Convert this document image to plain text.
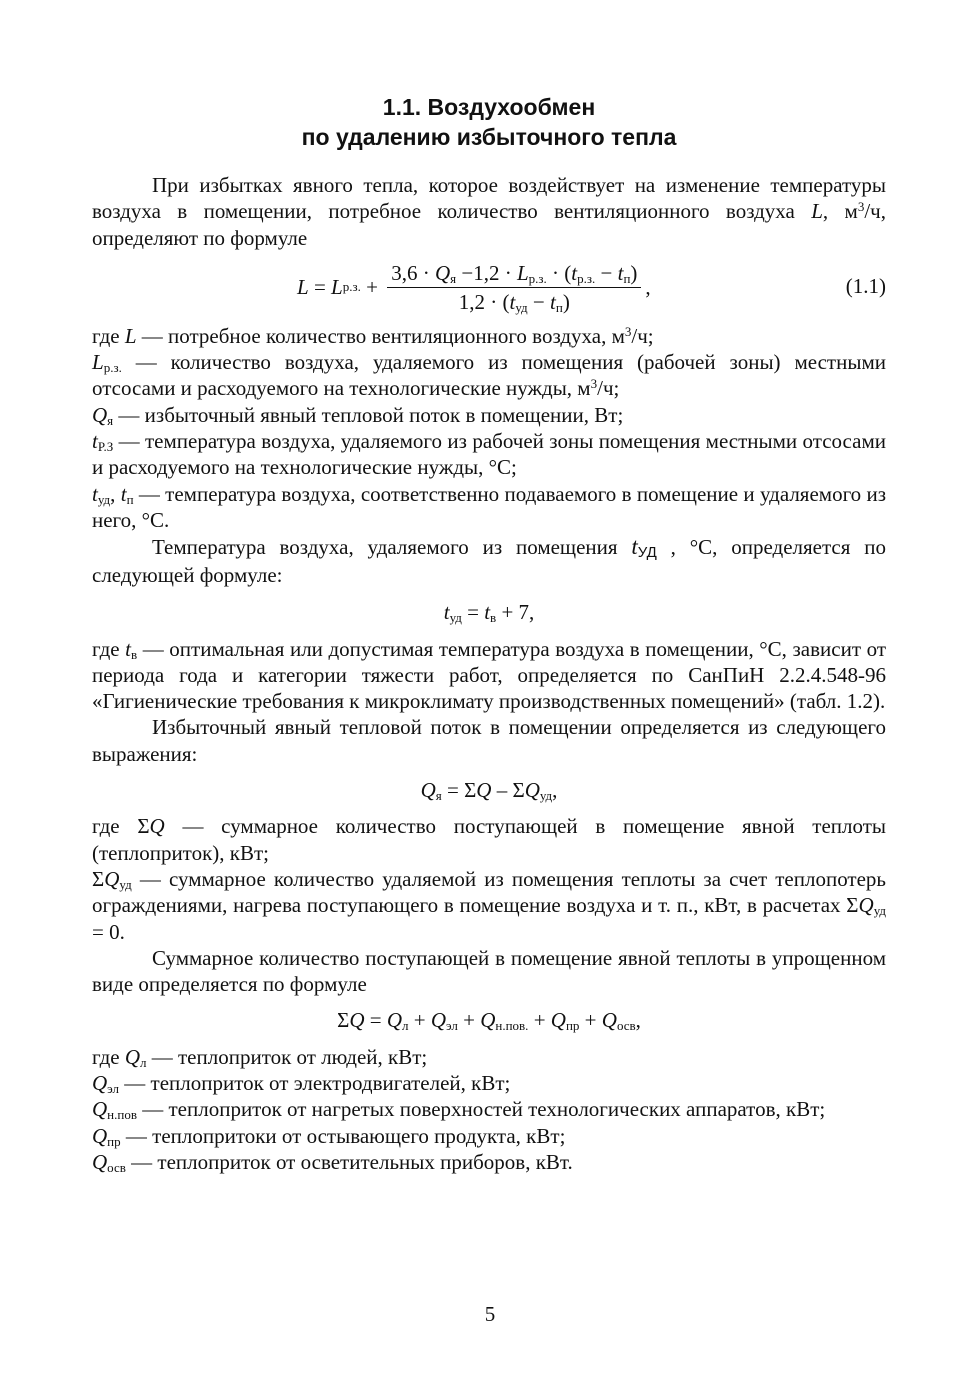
1.1. Воздухообмен
по удалению избыточного тепла

При избытках явного тепла, которое воздействует на изменение температуры воздуха в помещении, потребное количество вентиляционного воздуха L, $м^3/ч$, определяют по формуле

L = L р.з. + $\frac{3,6 \cdot Q_я -1,2 \cdot L_{р.з.} \cdot (t_{р.з.} - t_п)}{1,2 \cdot (t_{уд} - t_п)}$ ,	(1.1)

где L — потребное количество вентиляционного воздуха, $м^3/ч$;

$L_{р.з.}$ — количество воздуха, удаляемого из помещения (рабочей зоны) местными отсосами и расходуемого на технологические нужды, $м^3/ч$;

$Q_я$ — избыточный явный тепловой поток в помещении, Вт;

$t_{Р.З}$ — температура воздуха, удаляемого из рабочей зоны помещения местными отсосами и расходуемого на технологические нужды, °С;

$t_{уд}$, $t_п$ — температура воздуха, соответственно подаваемого в помещение и удаляемого из него, °С.

Температура воздуха, удаляемого из помещения $t_{УД}$ , °С, определяется по следующей формуле:

$t_{уд} = t_в + 7$,

где $t_в$ — оптимальная или допустимая температура воздуха в помещении, °С, зависит от периода года и категории тяжести работ, определяется по СанПиН 2.2.4.548-96 «Гигиенические требования к микроклимату производственных помещений» (табл. 1.2).

Избыточный явный тепловой поток в помещении определяется из следующего выражения:

$Q_я = \Sigma Q - \Sigma Q_{уд}$,

где ΣQ — суммарное количество поступающей в помещение явной теплоты (теплоприток), кВт;

$\Sigma Q_{уд}$ — суммарное количество удаляемой из помещения теплоты за счет теплопотерь ограждениями, нагрева поступающего в помещение воздуха и т. п., кВт, в расчетах $\Sigma Q_{уд} = 0$.

Суммарное количество поступающей в помещение явной теплоты в упрощенном виде определяется по формуле

$\Sigma Q = Q_л + Q_{эл} + Q_{н.пов.} + Q_{пр} + Q_{осв}$,

где $Q_л$ — теплоприток от людей, кВт;

$Q_{эл}$ — теплоприток от электродвигателей, кВт;

$Q_{н.пов}$ — теплоприток от нагретых поверхностей технологических аппаратов, кВт;

$Q_{пр}$ — теплопритоки от остывающего продукта, кВт;

$Q_{осв}$ — теплоприток от осветительных приборов, кВт.

5
